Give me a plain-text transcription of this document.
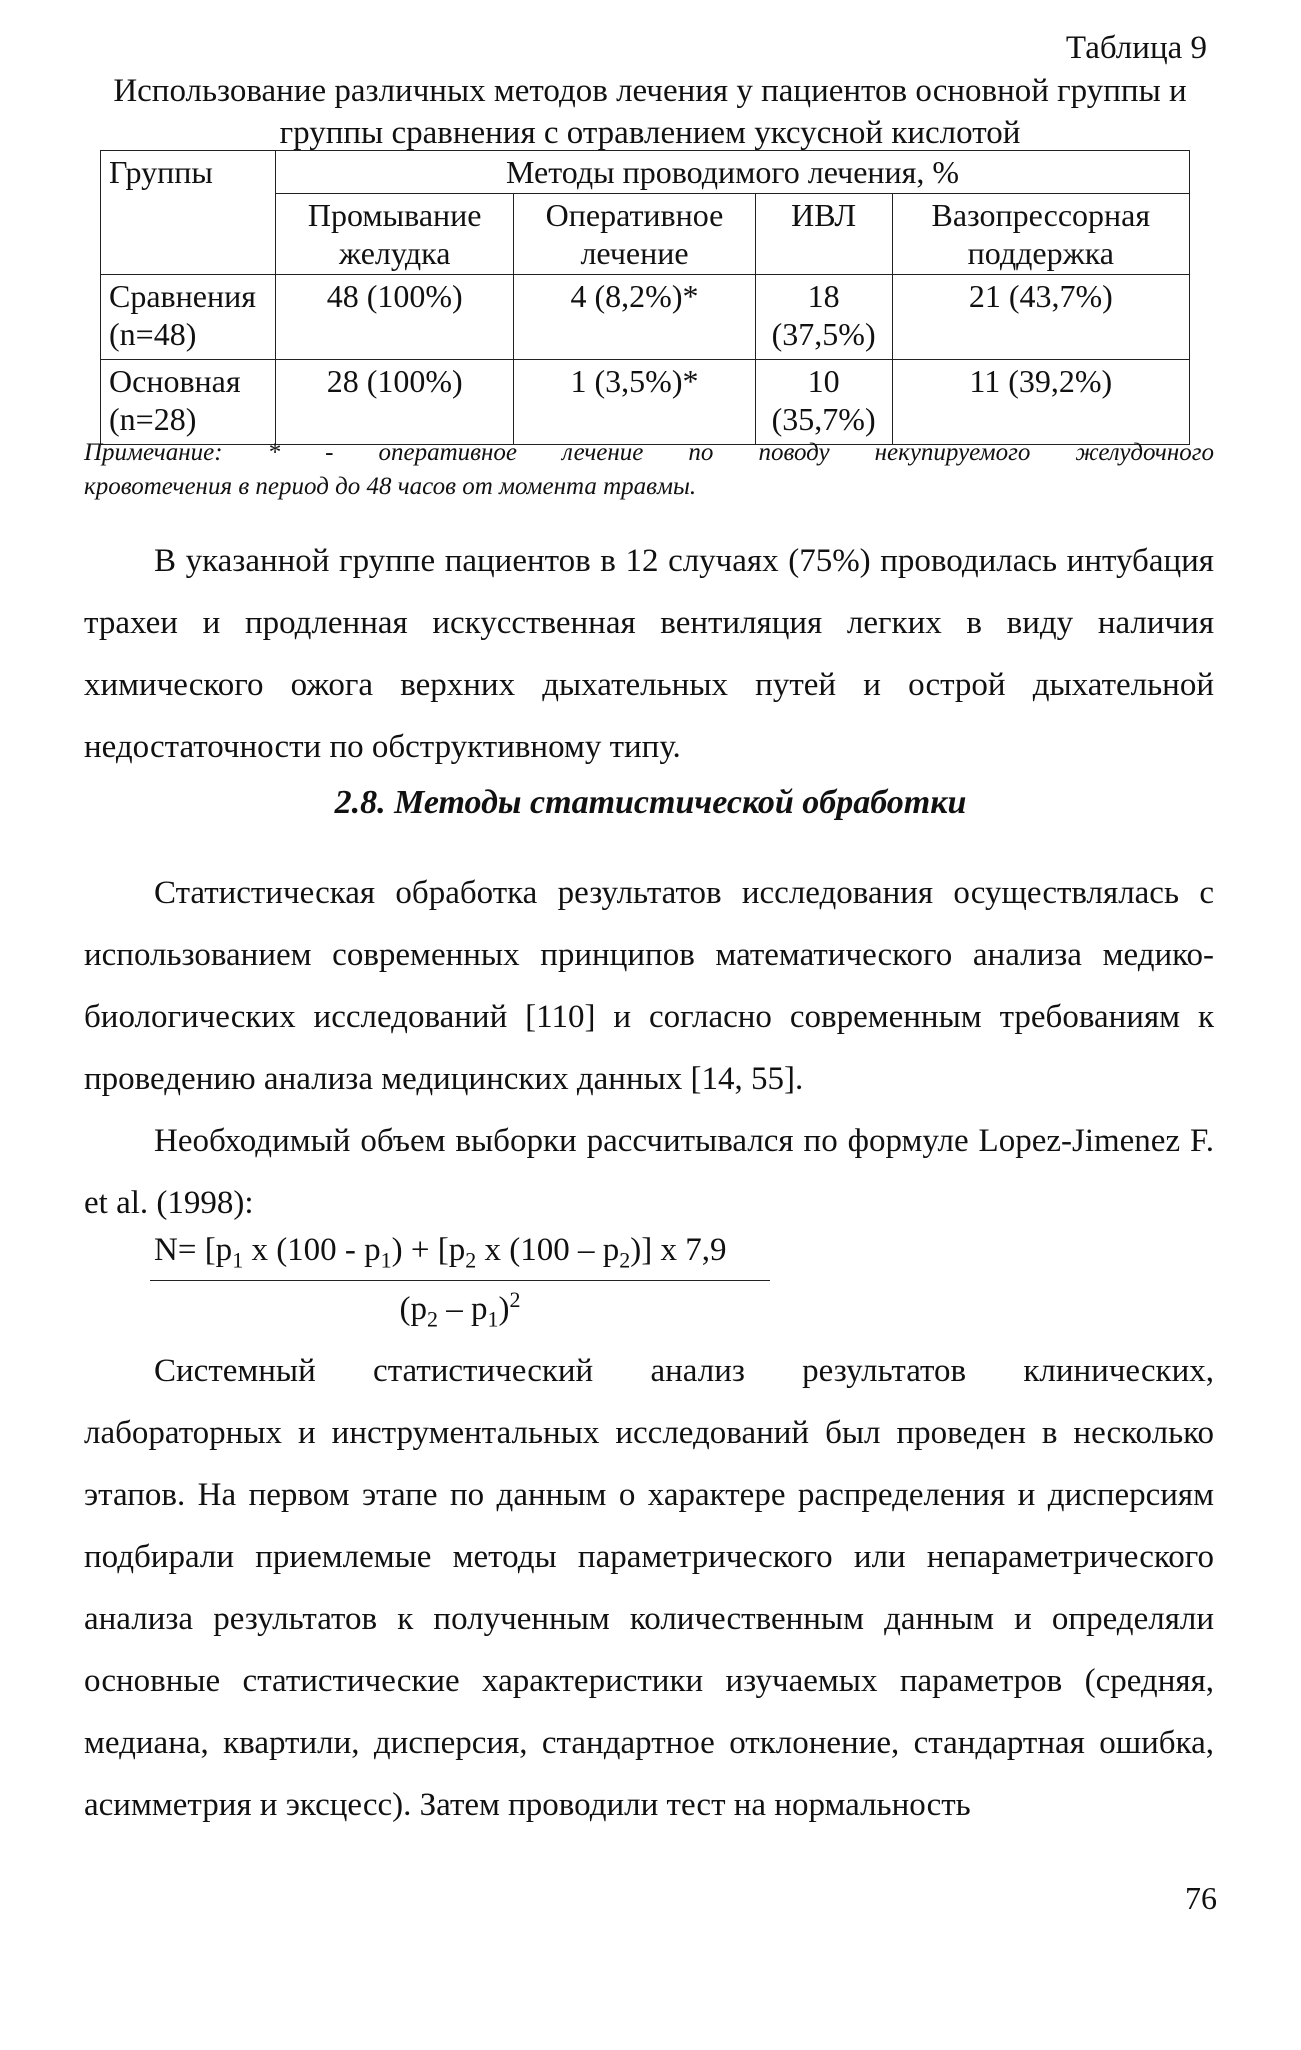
Таблица 9
Использование различных методов лечения у пациентов основной группы и группы сравнения с отравлением уксусной кислотой
Группы	Методы проводимого лечения, %			
	Промывание желудка	Оперативное лечение	ИВЛ	Вазопрессорная поддержка
Сравнения (n=48)	48 (100%)	4 (8,2%)*	18 (37,5%)	21 (43,7%)
Основная (n=28)	28 (100%)	1 (3,5%)*	10 (35,7%)	11 (39,2%)
Примечание: * - оперативное лечение по поводу некупируемого желудочного
кровотечения в период до 48 часов от момента травмы.
В указанной группе пациентов в 12 случаях (75%) проводилась интубация трахеи и продленная искусственная вентиляция легких в виду наличия химического ожога верхних дыхательных путей и острой дыхательной недостаточности по обструктивному типу.
2.8. Методы статистической обработки
Статистическая обработка результатов исследования осуществлялась с использованием современных принципов математического анализа медико-биологических исследований [110] и согласно современным требованиям к проведению анализа медицинских данных [14, 55].
Необходимый объем выборки рассчитывался по формуле Lopez-Jimenez F. et al. (1998):
$\frac{N= [p_1 x (100 - p_1) + [p_2 x (100 - p_2)] x 7,9}{(p_2 - p_1)^2}$
Системный статистический анализ результатов клинических, лабораторных и инструментальных исследований был проведен в несколько этапов. На первом этапе по данным о характере распределения и дисперсиям подбирали приемлемые методы параметрического или непараметрического анализа результатов к полученным количественным данным и определяли основные статистические характеристики изучаемых параметров (средняя, медиана, квартили, дисперсия, стандартное отклонение, стандартная ошибка, асимметрия и эксцесс). Затем проводили тест на нормальность
76
